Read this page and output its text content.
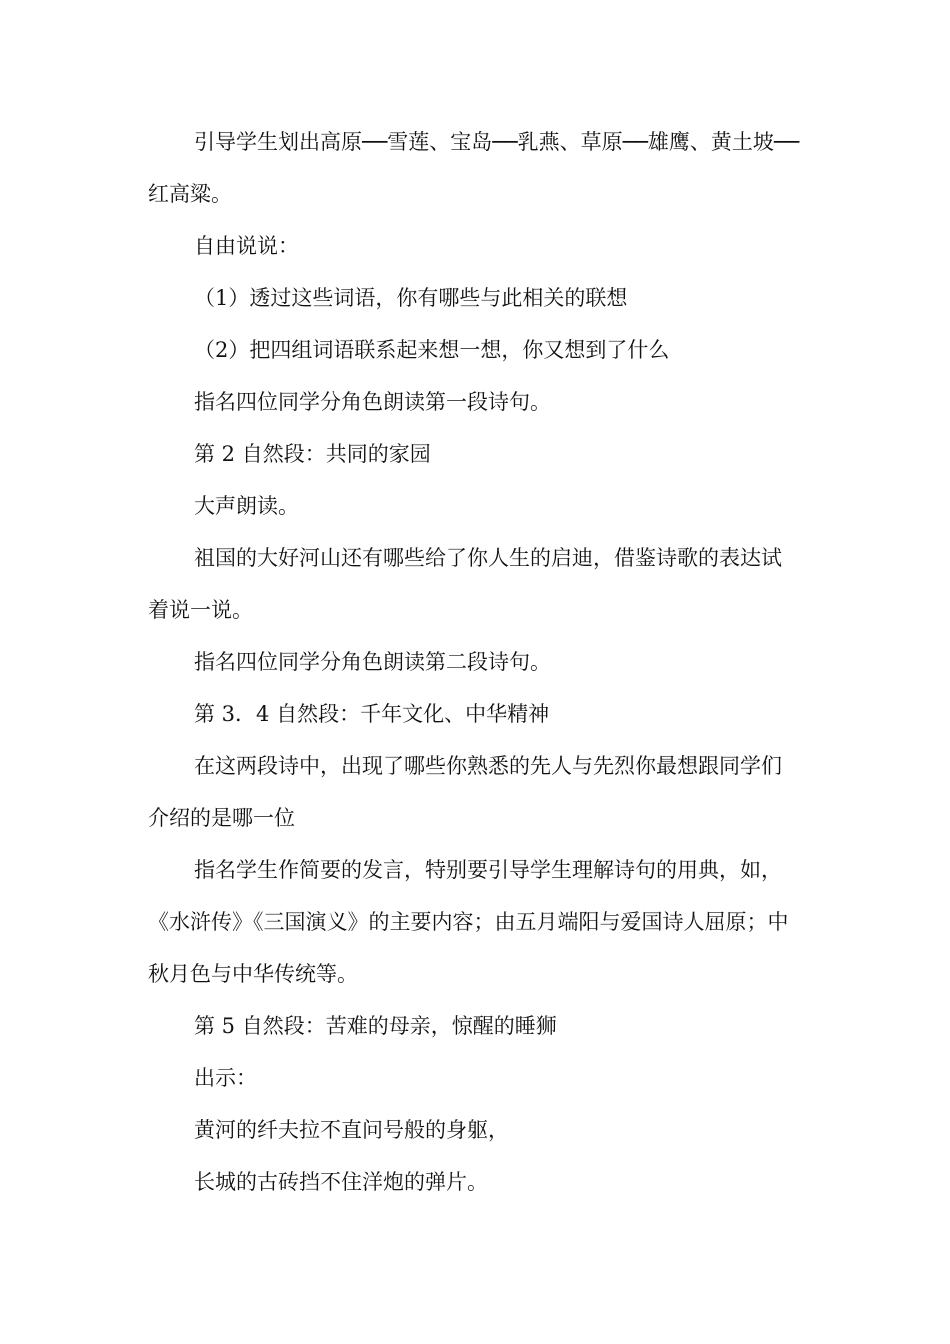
引导学生划出高原──雪莲、宝岛──乳燕、草原──雄鹰、黄土坡──红高粱。

自由说说：

（1）透过这些词语，你有哪些与此相关的联想

（2）把四组词语联系起来想一想，你又想到了什么

指名四位同学分角色朗读第一段诗句。

第 2 自然段：共同的家园

大声朗读。

祖国的大好河山还有哪些给了你人生的启迪，借鉴诗歌的表达试着说一说。

指名四位同学分角色朗读第二段诗句。

第 3．4 自然段：千年文化、中华精神

在这两段诗中，出现了哪些你熟悉的先人与先烈你最想跟同学们介绍的是哪一位

指名学生作简要的发言，特别要引导学生理解诗句的用典，如，《水浒传》《三国演义》的主要内容；由五月端阳与爱国诗人屈原；中秋月色与中华传统等。

第 5 自然段：苦难的母亲，惊醒的睡狮

出示：

黄河的纤夫拉不直问号般的身躯，

长城的古砖挡不住洋炮的弹片。
